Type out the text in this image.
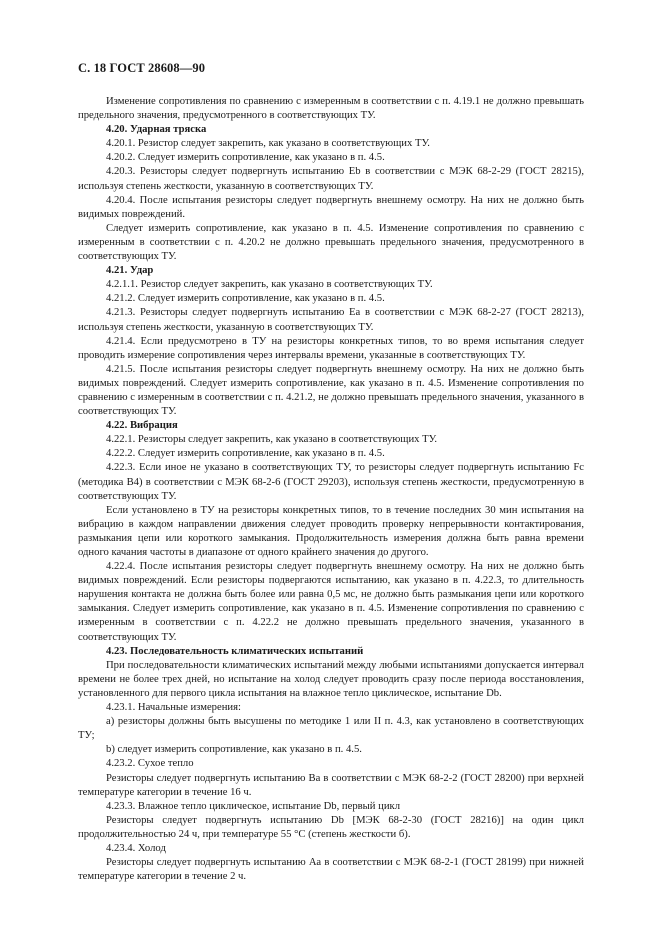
С. 18 ГОСТ 28608—90

Изменение сопротивления по сравнению с измеренным в соответствии с п. 4.19.1 не должно превышать предельного значения, предусмотренного в соответствующих ТУ.

4.20. Ударная тряска

4.20.1. Резистор следует закрепить, как указано в соответствующих ТУ.

4.20.2. Следует измерить сопротивление, как указано в п. 4.5.

4.20.3. Резисторы следует подвергнуть испытанию Eb в соответствии с МЭК 68-2-29 (ГОСТ 28215), используя степень жесткости, указанную в соответствующих ТУ.

4.20.4. После испытания резисторы следует подвергнуть внешнему осмотру. На них не должно быть видимых повреждений.

Следует измерить сопротивление, как указано в п. 4.5. Изменение сопротивления по сравнению с измеренным в соответствии с п. 4.20.2 не должно превышать предельного значения, предусмотренного в соответствующих ТУ.

4.21. Удар

4.2.1.1. Резистор следует закрепить, как указано в соответствующих ТУ.

4.21.2. Следует измерить сопротивление, как указано в п. 4.5.

4.21.3. Резисторы следует подвергнуть испытанию Ea в соответствии с МЭК 68-2-27 (ГОСТ 28213), используя степень жесткости, указанную в соответствующих ТУ.

4.21.4. Если предусмотрено в ТУ на резисторы конкретных типов, то во время испытания следует проводить измерение сопротивления через интервалы времени, указанные в соответствующих ТУ.

4.21.5. После испытания резисторы следует подвергнуть внешнему осмотру. На них не должно быть видимых повреждений. Следует измерить сопротивление, как указано в п. 4.5. Изменение сопротивления по сравнению с измеренным в соответствии с п. 4.21.2, не должно превышать предельного значения, указанного в соответствующих ТУ.

4.22. Вибрация

4.22.1. Резисторы следует закрепить, как указано в соответствующих ТУ.

4.22.2. Следует измерить сопротивление, как указано в п. 4.5.

4.22.3. Если иное не указано в соответствующих ТУ, то резисторы следует подвергнуть испытанию Fc (методика B4) в соответствии с МЭК 68-2-6 (ГОСТ 29203), используя степень жесткости, предусмотренную в соответствующих ТУ.

Если установлено в ТУ на резисторы конкретных типов, то в течение последних 30 мин испытания на вибрацию в каждом направлении движения следует проводить проверку непрерывности контактирования, размыкания цепи или короткого замыкания. Продолжительность измерения должна быть равна времени одного качания частоты в диапазоне от одного крайнего значения до другого.

4.22.4. После испытания резисторы следует подвергнуть внешнему осмотру. На них не должно быть видимых повреждений. Если резисторы подвергаются испытанию, как указано в п. 4.22.3, то длительность нарушения контакта не должна быть более или равна 0,5 мс, не должно быть размыкания цепи или короткого замыкания. Следует измерить сопротивление, как указано в п. 4.5. Изменение сопротивления по сравнению с измеренным в соответствии с п. 4.22.2 не должно превышать предельного значения, указанного в соответствующих ТУ.

4.23. Последовательность климатических испытаний

При последовательности климатических испытаний между любыми испытаниями допускается интервал времени не более трех дней, но испытание на холод следует проводить сразу после периода восстановления, установленного для первого цикла испытания на влажное тепло циклическое, испытание Db.

4.23.1. Начальные измерения:

а) резисторы должны быть высушены по методике 1 или II п. 4.3, как установлено в соответствующих ТУ;

b) следует измерить сопротивление, как указано в п. 4.5.

4.23.2. Сухое тепло

Резисторы следует подвергнуть испытанию Ва в соответствии с МЭК 68-2-2 (ГОСТ 28200) при верхней температуре категории в течение 16 ч.

4.23.3. Влажное тепло циклическое, испытание Db, первый цикл

Резисторы следует подвергнуть испытанию Db [МЭК 68-2-30 (ГОСТ 28216)] на один цикл продолжительностью 24 ч, при температуре 55 °С (степень жесткости б).

4.23.4. Холод

Резисторы следует подвергнуть испытанию Аа в соответствии с МЭК 68-2-1 (ГОСТ 28199) при нижней температуре категории в течение 2 ч.
